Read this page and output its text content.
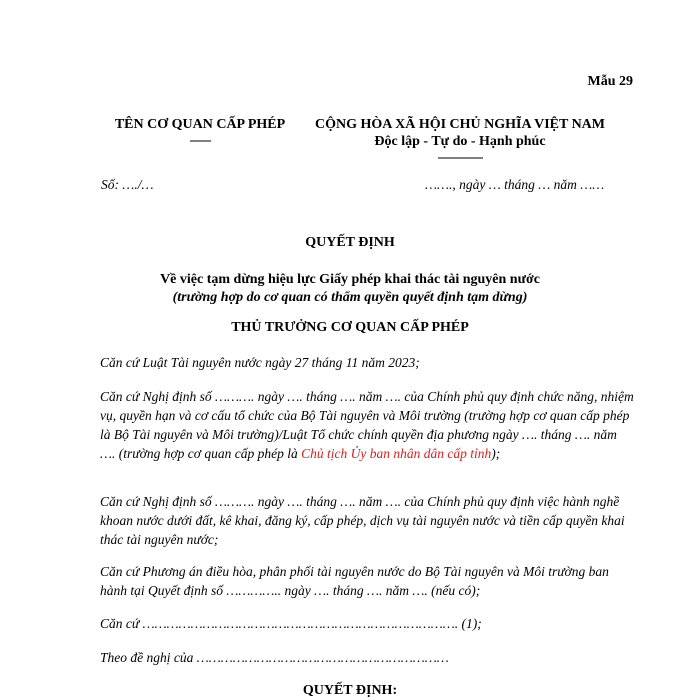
Mẫu 29
TÊN CƠ QUAN CẤP PHÉP
-------
CỘNG HÒA XÃ HỘI CHỦ NGHĨA VIỆT NAM
Độc lập - Tự do - Hạnh phúc
---------------
Số: …./…	……., ngày … tháng … năm ……
QUYẾT ĐỊNH
Về việc tạm dừng hiệu lực Giấy phép khai thác tài nguyên nước
(trường hợp do cơ quan có thẩm quyền quyết định tạm dừng)
THỦ TRƯỞNG CƠ QUAN CẤP PHÉP
Căn cứ Luật Tài nguyên nước ngày 27 tháng 11 năm 2023;
Căn cứ Nghị định số ………. ngày …. tháng …. năm …. của Chính phủ quy định chức năng, nhiệm vụ, quyền hạn và cơ cấu tổ chức của Bộ Tài nguyên và Môi trường (trường hợp cơ quan cấp phép là Bộ Tài nguyên và Môi trường)/Luật Tổ chức chính quyền địa phương ngày …. tháng …. năm …. (trường hợp cơ quan cấp phép là Chủ tịch Ủy ban nhân dân cấp tỉnh);
Căn cứ Nghị định số ………. ngày …. tháng …. năm …. của Chính phủ quy định việc hành nghề khoan nước dưới đất, kê khai, đăng ký, cấp phép, dịch vụ tài nguyên nước và tiền cấp quyền khai thác tài nguyên nước;
Căn cứ Phương án điều hòa, phân phối tài nguyên nước do Bộ Tài nguyên và Môi trường ban hành tại Quyết định số ………….. ngày …. tháng …. năm …. (nếu có);
Căn cứ ……………………………………………………………………. (1);
Theo đề nghị của ………………………………………………………
QUYẾT ĐỊNH:
